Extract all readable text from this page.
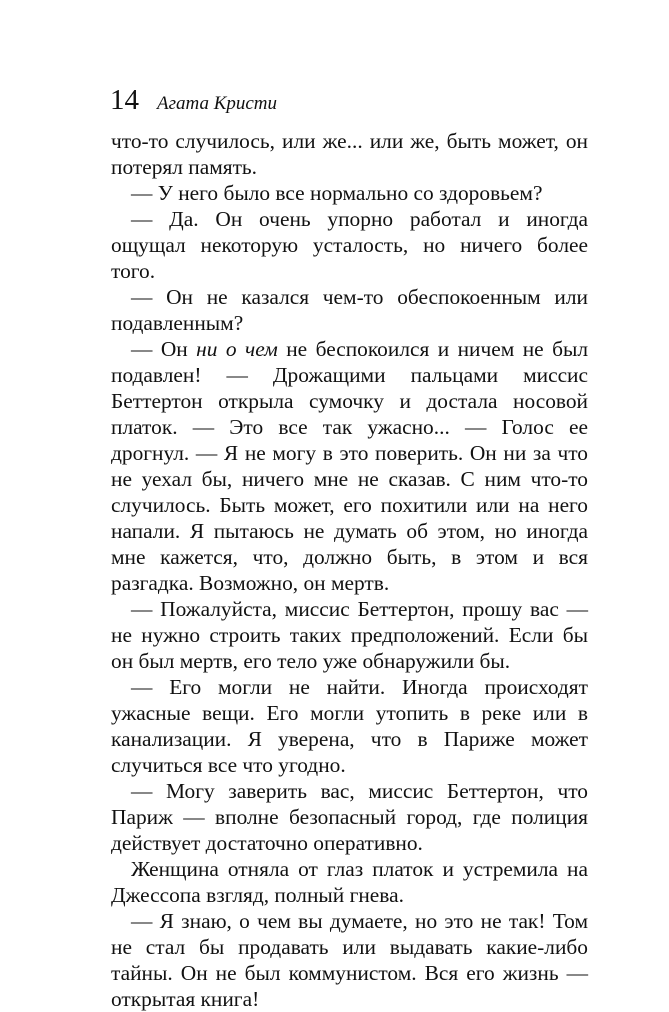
14 Агата Кристи

что-то случилось, или же... или же, быть может, он потерял память.

— У него было все нормально со здоровьем?

— Да. Он очень упорно работал и иногда ощущал некоторую усталость, но ничего более того.

— Он не казался чем-то обеспокоенным или подавленным?

— Он ни о чем не беспокоился и ничем не был подавлен! — Дрожащими пальцами миссис Беттертон открыла сумочку и достала носовой платок. — Это все так ужасно... — Голос ее дрогнул. — Я не могу в это поверить. Он ни за что не уехал бы, ничего мне не сказав. С ним что-то случилось. Быть может, его похитили или на него напали. Я пытаюсь не думать об этом, но иногда мне кажется, что, должно быть, в этом и вся разгадка. Возможно, он мертв.

— Пожалуйста, миссис Беттертон, прошу вас — не нужно строить таких предположений. Если бы он был мертв, его тело уже обнаружили бы.

— Его могли не найти. Иногда происходят ужасные вещи. Его могли утопить в реке или в канализации. Я уверена, что в Париже может случиться все что угодно.

— Могу заверить вас, миссис Беттертон, что Париж — вполне безопасный город, где полиция действует достаточно оперативно.

Женщина отняла от глаз платок и устремила на Джессопа взгляд, полный гнева.

— Я знаю, о чем вы думаете, но это не так! Том не стал бы продавать или выдавать какие-либо тайны. Он не был коммунистом. Вся его жизнь — открытая книга!
